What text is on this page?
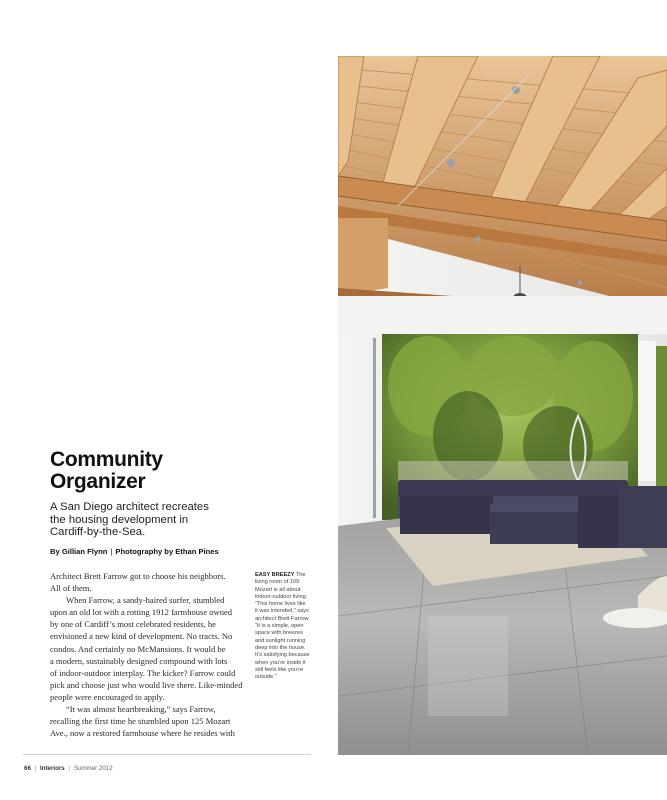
Community
Organizer

A San Diego architect recreates
the housing development in
Cardiff-by-the-Sea.

By Gillian Flynn | Photography by Ethan Pines
Architect Brett Farrow got to choose his neighbors.
All of them.
When Farrow, a sandy-haired surfer, stumbled
upon an old lot with a rotting 1912 farmhouse owned
by one of Cardiff’s most celebrated residents, he
envisioned a new kind of development. No tracts. No
condos. And certainly no McMansions. It would be
a modern, sustainably designed compound with lots
of indoor-outdoor interplay. The kicker? Farrow could
pick and choose just who would live there. Like-minded
people were encouraged to apply.
“It was almost heartbreaking,” says Farrow,
recalling the first time he stumbled upon 125 Mozart
Ave., now a restored farmhouse where he resides with
EASY BREEZY The
living room of 109
Mozart is all about
indoor-outdoor living.
“This home lives like
it was intended,” says
architect Brett Farrow.
“It is a simple, open
space with breezes
and sunlight running
deep into the house.
It’s satisfying because
when you’re inside it
still feels like you’re
outside.”
66 | Interiors | Summer 2012
